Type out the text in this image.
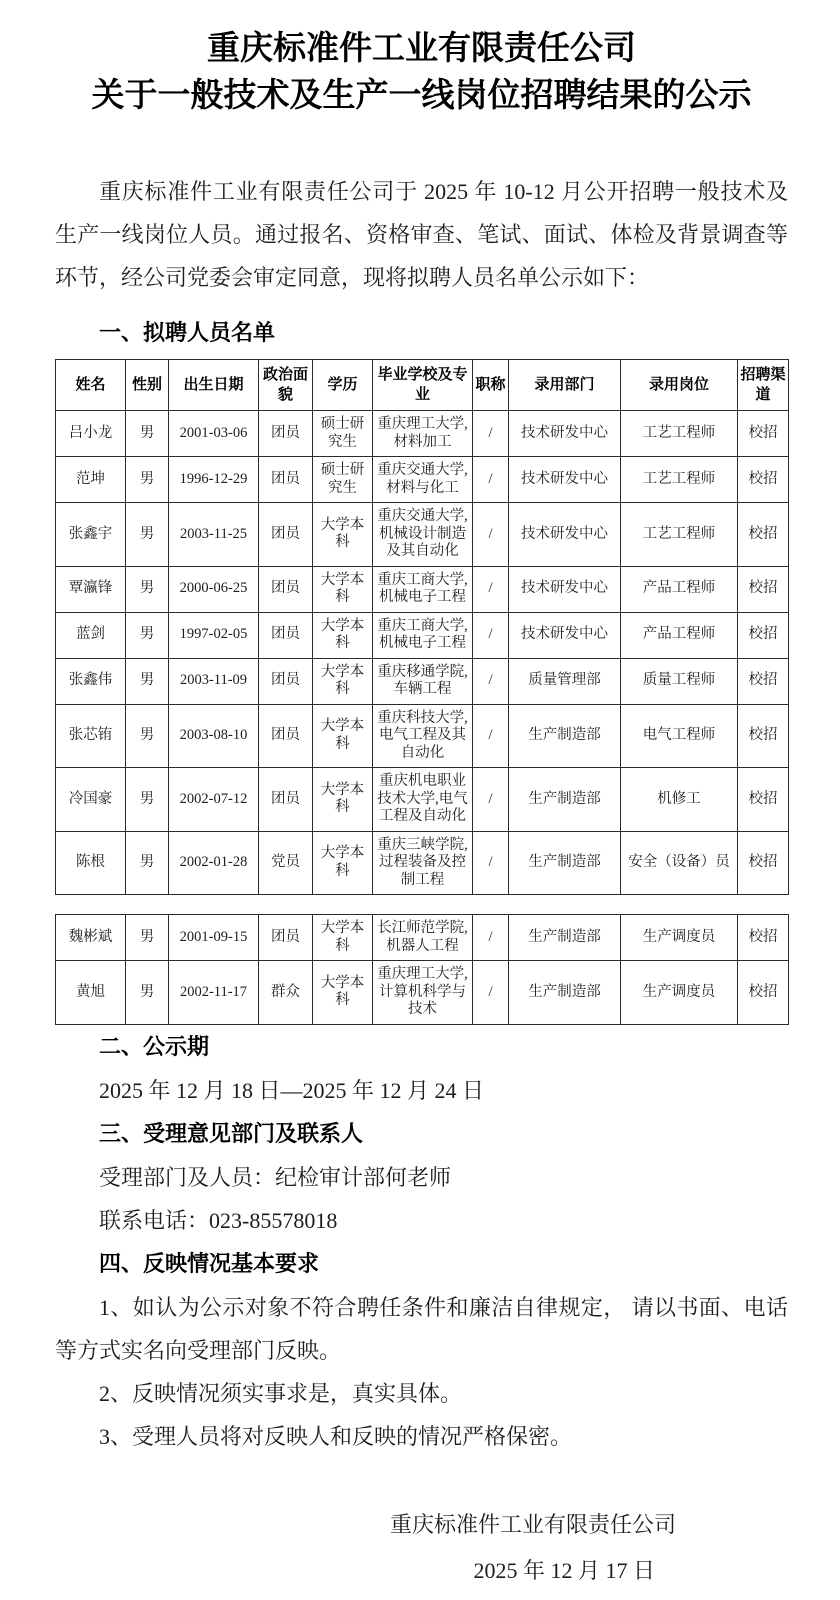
重庆标准件工业有限责任公司
关于一般技术及生产一线岗位招聘结果的公示

重庆标准件工业有限责任公司于 2025 年 10-12 月公开招聘一般技术及生产一线岗位人员。通过报名、资格审查、笔试、面试、体检及背景调查等环节，经公司党委会审定同意，现将拟聘人员名单公示如下：

一、拟聘人员名单
姓名	性别	出生日期	政治面貌	学历	毕业学校及专业	职称	录用部门	录用岗位	招聘渠道
吕小龙	男	2001-03-06	团员	硕士研究生	重庆理工大学,材料加工	/	技术研发中心	工艺工程师	校招
范坤	男	1996-12-29	团员	硕士研究生	重庆交通大学,材料与化工	/	技术研发中心	工艺工程师	校招
张鑫宇	男	2003-11-25	团员	大学本科	重庆交通大学,机械设计制造及其自动化	/	技术研发中心	工艺工程师	校招
覃瀛锋	男	2000-06-25	团员	大学本科	重庆工商大学,机械电子工程	/	技术研发中心	产品工程师	校招
蓝剑	男	1997-02-05	团员	大学本科	重庆工商大学,机械电子工程	/	技术研发中心	产品工程师	校招
张鑫伟	男	2003-11-09	团员	大学本科	重庆移通学院,车辆工程	/	质量管理部	质量工程师	校招
张芯铕	男	2003-08-10	团员	大学本科	重庆科技大学,电气工程及其自动化	/	生产制造部	电气工程师	校招
冷国豪	男	2002-07-12	团员	大学本科	重庆机电职业技术大学,电气工程及自动化	/	生产制造部	机修工	校招
陈根	男	2002-01-28	党员	大学本科	重庆三峡学院,过程装备及控制工程	/	生产制造部	安全（设备）员	校招
魏彬斌	男	2001-09-15	团员	大学本科	长江师范学院,机器人工程	/	生产制造部	生产调度员	校招
黄旭	男	2002-11-17	群众	大学本科	重庆理工大学,计算机科学与技术	/	生产制造部	生产调度员	校招
二、公示期

2025 年 12 月 18 日—2025 年 12 月 24 日

三、受理意见部门及联系人

受理部门及人员：纪检审计部何老师

联系电话：023-85578018

四、反映情况基本要求

1、如认为公示对象不符合聘任条件和廉洁自律规定， 请以书面、电话等方式实名向受理部门反映。

2、反映情况须实事求是，真实具体。

3、受理人员将对反映人和反映的情况严格保密。

重庆标准件工业有限责任公司
2025 年 12 月 17 日
